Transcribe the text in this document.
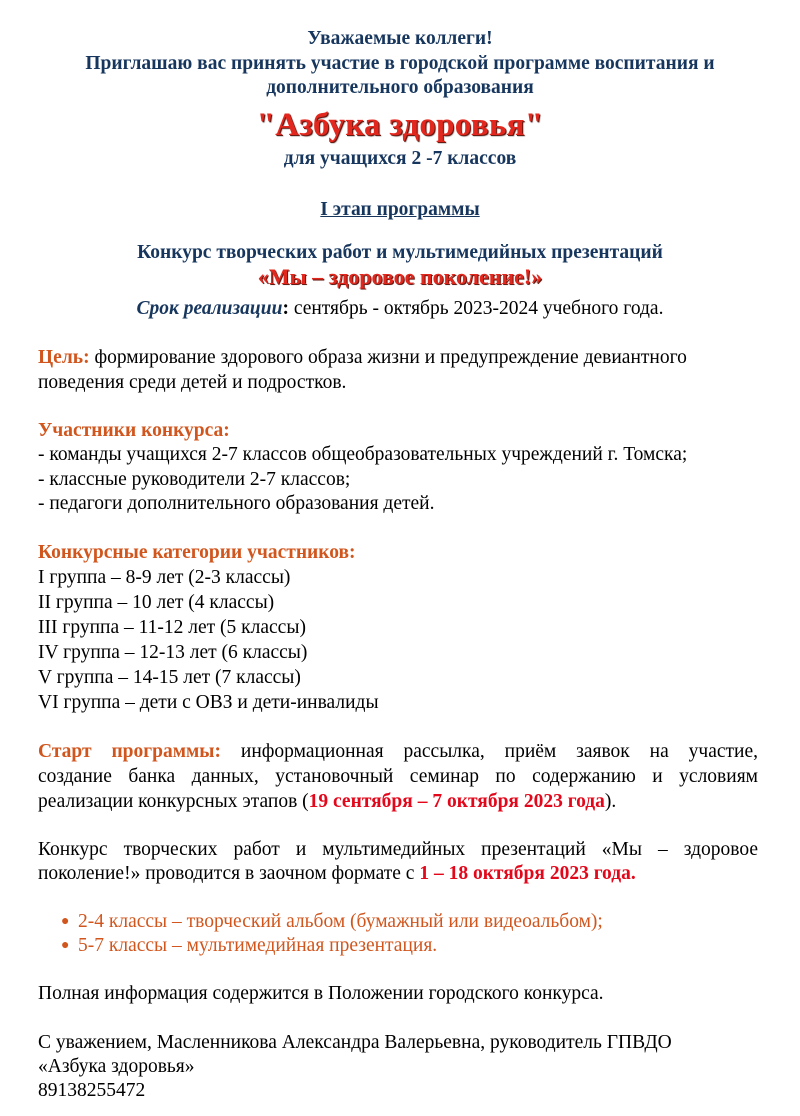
Уважаемые коллеги!
Приглашаю вас принять участие в городской программе воспитания и
дополнительного образования
"Азбука здоровья"
для учащихся 2 -7 классов
I этап программы
Конкурс творческих работ и мультимедийных презентаций
«Мы – здоровое поколение!»
Срок реализации: сентябрь - октябрь 2023-2024 учебного года.
Цель: формирование здорового образа жизни и предупреждение девиантного
поведения среди детей и подростков.
Участники конкурса:
- команды учащихся 2-7 классов общеобразовательных учреждений г. Томска;
- классные руководители 2-7 классов;
- педагоги дополнительного образования детей.
Конкурсные категории участников:
I группа – 8-9 лет (2-3 классы)
II группа – 10 лет (4 классы)
III группа – 11-12 лет (5 классы)
IV группа – 12-13 лет (6 классы)
V группа – 14-15 лет (7 классы)
VI группа – дети с ОВЗ и дети-инвалиды
Старт программы: информационная рассылка, приём заявок на участие,
создание банка данных, установочный семинар по содержанию и условиям
реализации конкурсных этапов (19 сентября – 7 октября 2023 года).
Конкурс творческих работ и мультимедийных презентаций «Мы – здоровое
поколение!» проводится в заочном формате с 1 – 18 октября 2023 года.
● 2-4 классы – творческий альбом (бумажный или видеоальбом);
● 5-7 классы – мультимедийная презентация.
Полная информация содержится в Положении городского конкурса.
С уважением, Масленникова Александра Валерьевна, руководитель ГПВДО
«Азбука здоровья»
89138255472
